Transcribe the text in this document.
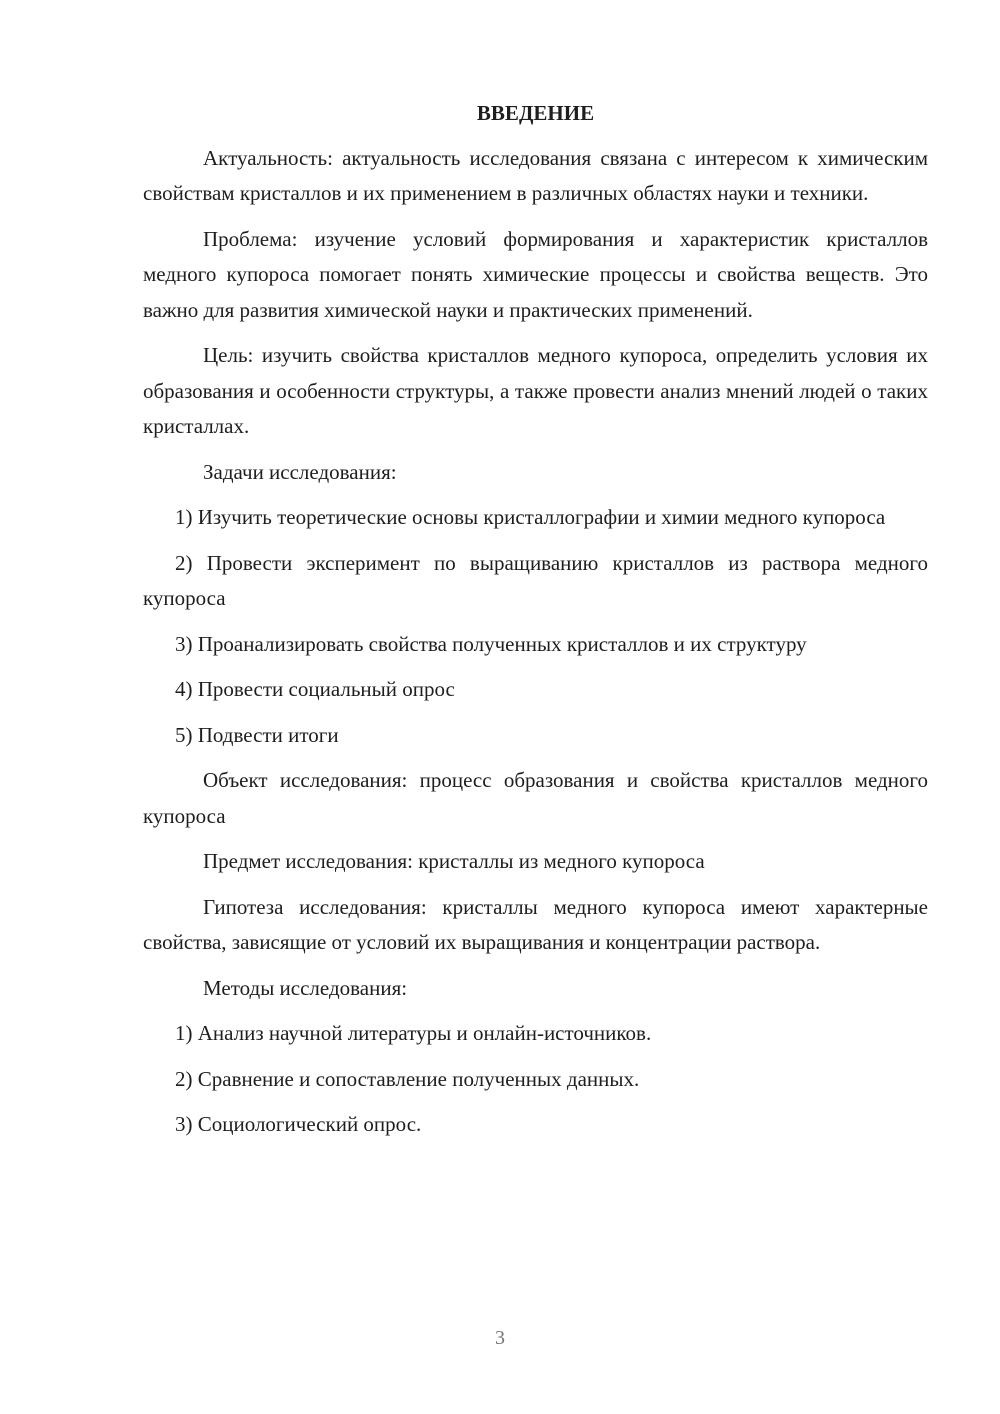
ВВЕДЕНИЕ

Актуальность: актуальность исследования связана с интересом к химическим свойствам кристаллов и их применением в различных областях науки и техники.

Проблема: изучение условий формирования и характеристик кристаллов медного купороса помогает понять химические процессы и свойства веществ. Это важно для развития химической науки и практических применений.

Цель: изучить свойства кристаллов медного купороса, определить условия их образования и особенности структуры, а также провести анализ мнений людей о таких кристаллах.

Задачи исследования:

1) Изучить теоретические основы кристаллографии и химии медного купороса

2) Провести эксперимент по выращиванию кристаллов из раствора медного купороса

3) Проанализировать свойства полученных кристаллов и их структуру

4) Провести социальный опрос

5) Подвести итоги

Объект исследования: процесс образования и свойства кристаллов медного купороса

Предмет исследования: кристаллы из медного купороса

Гипотеза исследования: кристаллы медного купороса имеют характерные свойства, зависящие от условий их выращивания и концентрации раствора.

Методы исследования:

1) Анализ научной литературы и онлайн-источников.

2) Сравнение и сопоставление полученных данных.

3) Социологический опрос.

3
